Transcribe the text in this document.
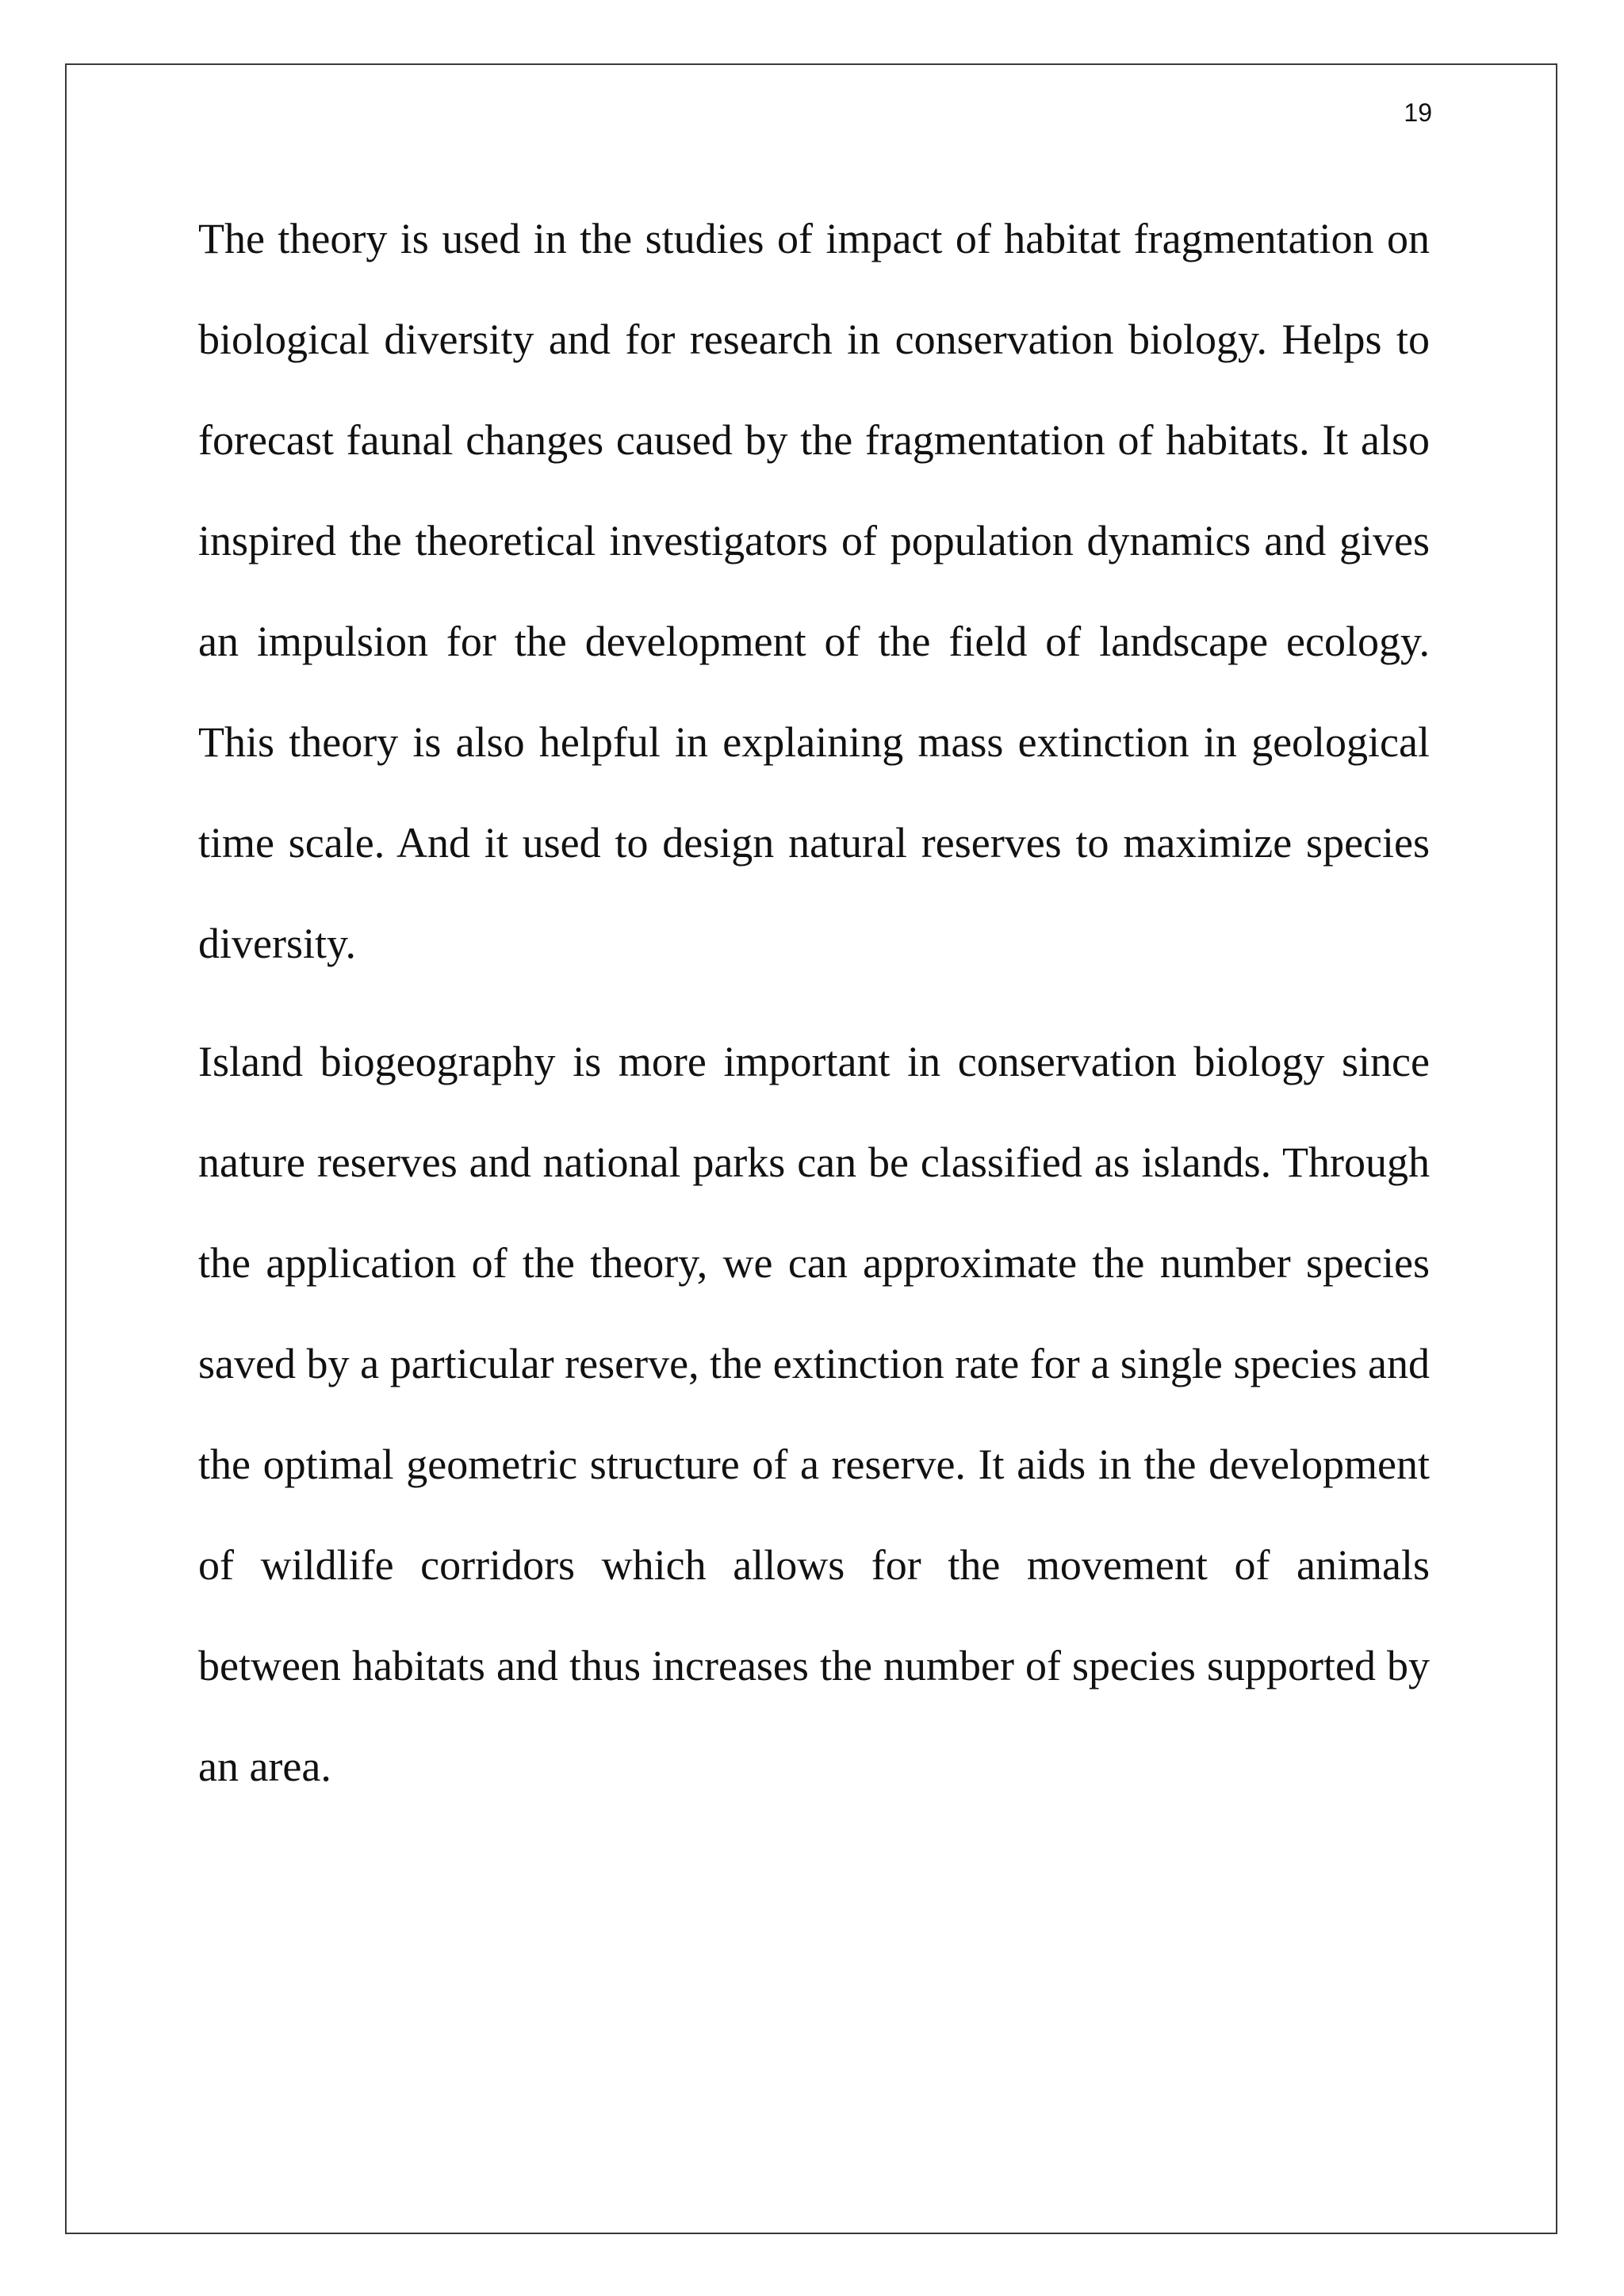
19

The theory is used in the studies of impact of habitat fragmentation on biological diversity and for research in conservation biology. Helps to forecast faunal changes caused by the fragmentation of habitats. It also inspired the theoretical investigators of population dynamics and gives an impulsion for the development of the field of landscape ecology. This theory is also helpful in explaining mass extinction in geological time scale. And it used to design natural reserves to maximize species diversity.

Island biogeography is more important in conservation biology since nature reserves and national parks can be classified as islands. Through the application of the theory, we can approximate the number species saved by a particular reserve, the extinction rate for a single species and the optimal geometric structure of a reserve. It aids in the development of wildlife corridors which allows for the movement of animals between habitats and thus increases the number of species supported by an area.
